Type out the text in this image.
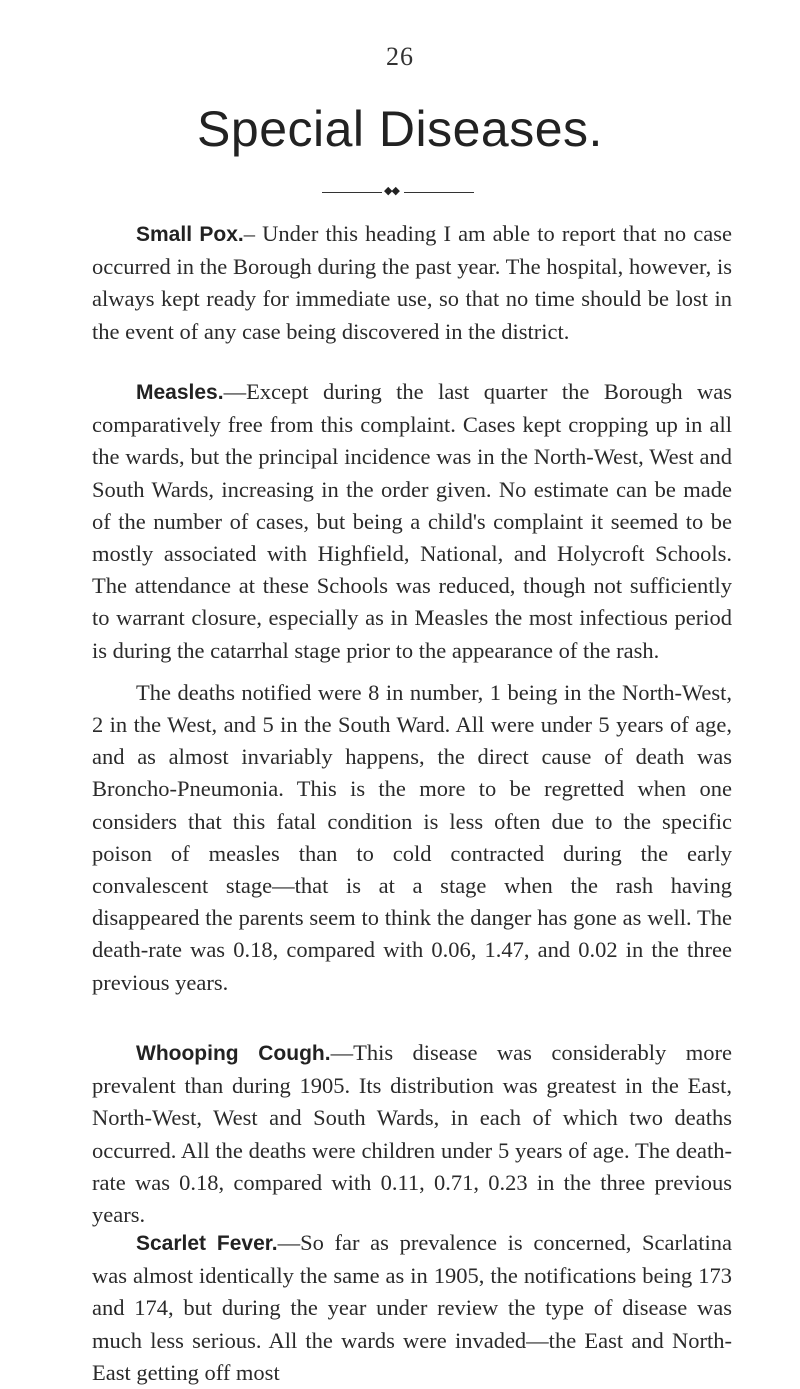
26
Special Diseases.
◆◆

Small Pox.– Under this heading I am able to report that no case occurred in the Borough during the past year. The hospital, however, is always kept ready for immediate use, so that no time should be lost in the event of any case being discovered in the district.

Measles.—Except during the last quarter the Borough was comparatively free from this complaint. Cases kept cropping up in all the wards, but the principal incidence was in the North-West, West and South Wards, increasing in the order given. No estimate can be made of the number of cases, but being a child's complaint it seemed to be mostly associated with Highfield, National, and Holycroft Schools. The attendance at these Schools was reduced, though not sufficiently to warrant closure, especially as in Measles the most infectious period is during the catarrhal stage prior to the appearance of the rash.

The deaths notified were 8 in number, 1 being in the North-West, 2 in the West, and 5 in the South Ward. All were under 5 years of age, and as almost invariably happens, the direct cause of death was Broncho-Pneumonia. This is the more to be regretted when one considers that this fatal condition is less often due to the specific poison of measles than to cold contracted during the early convalescent stage—that is at a stage when the rash having disappeared the parents seem to think the danger has gone as well. The death-rate was 0.18, compared with 0.06, 1.47, and 0.02 in the three previous years.

Whooping Cough.—This disease was considerably more prevalent than during 1905. Its distribution was greatest in the East, North-West, West and South Wards, in each of which two deaths occurred. All the deaths were children under 5 years of age. The death-rate was 0.18, compared with 0.11, 0.71, 0.23 in the three previous years.

Scarlet Fever.—So far as prevalence is concerned, Scarlatina was almost identically the same as in 1905, the notifications being 173 and 174, but during the year under review the type of disease was much less serious. All the wards were invaded—the East and North-East getting off most
